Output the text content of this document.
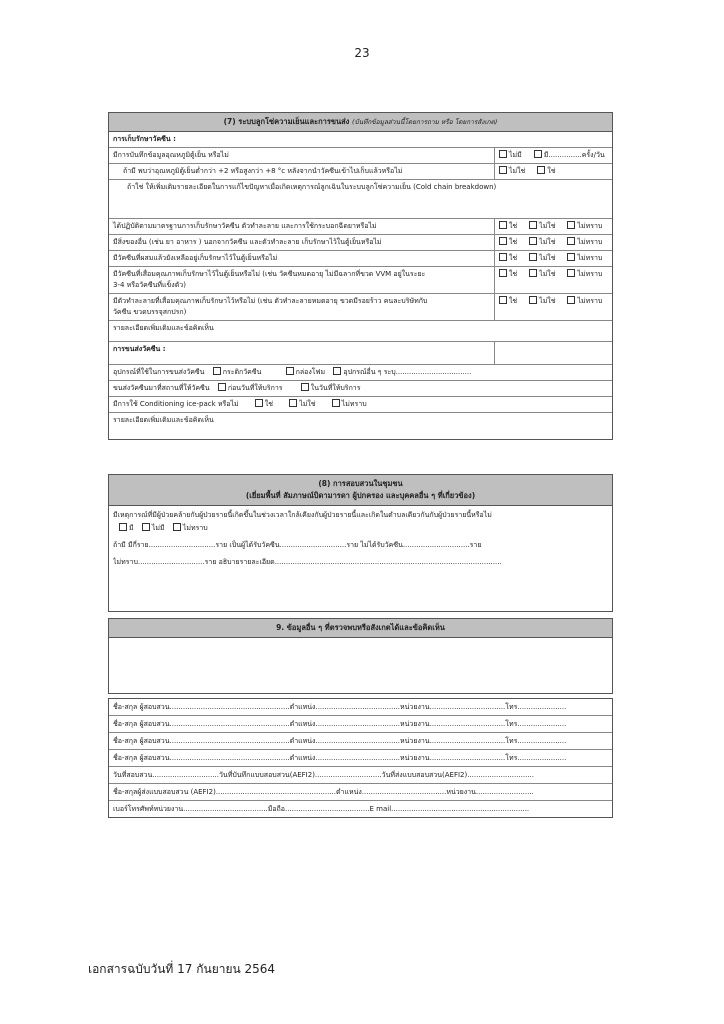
23
(7) ระบบลูกโซ่ความเย็นและการขนส่ง (บันทึกข้อมูลส่วนนี้โดยการถาม หรือ โดยการสังเกต)
การเก็บรักษาวัคซีน :
มีการบันทึกข้อมูลอุณหภูมิตู้เย็น หรือไม่	ไม่มี	มี...............ครั้ง/วัน
ถ้ามี พบว่าอุณหภูมิตู้เย็นต่ำกว่า +2 หรือสูงกว่า +8 °c หลังจากนำวัคซีนเข้าไปเก็บแล้วหรือไม่	ไม่ใช่	ใช่
ถ้าใช่ ให้เพิ่มเติมรายละเอียดในการแก้ไขปัญหาเมื่อเกิดเหตุการณ์ลูกเฉินในระบบลูกโซ่ความเย็น (Cold chain breakdown)
ได้ปฏิบัติตามมาตรฐานการเก็บรักษาวัคซีน ตัวทำละลาย และการใช้กระบอกฉีดยาหรือไม่	ใช่	ไม่ใช่	ไม่ทราบ
มีสิ่งของอื่น (เช่น ยา อาหาร ) นอกจากวัคซีน และตัวทำละลาย เก็บรักษาไว้ในตู้เย็นหรือไม่	ใช่	ไม่ใช่	ไม่ทราบ
มีวัคซีนที่ผสมแล้วยังเหลืออยู่เก็บรักษาไว้ในตู้เย็นหรือไม่	ใช่	ไม่ใช่	ไม่ทราบ
มีวัคซีนที่เสื่อมคุณภาพเก็บรักษาไว้ในตู้เย็นหรือไม่ (เช่น วัคซีนหมดอายุ ไม่มีฉลากที่ขวด VVM อยู่ในระยะ
3-4 หรือวัคซีนที่แข็งตัว)
ใช่	ไม่ใช่	ไม่ทราบ
มีตัวทำละลายที่เสื่อมคุณภาพเก็บรักษาไว้หรือไม่ (เช่น ตัวทำละลายหมดอายุ ขวดมีรอยร้าว คนละบริษัทกับ
วัคซีน ขวดบรรจุสกปรก)
ใช่	ไม่ใช่	ไม่ทราบ
รายละเอียดเพิ่มเติมและข้อคิดเห็น
การขนส่งวัคซีน :
อุปกรณ์ที่ใช้ในการขนส่งวัคซีน	กระติกวัคซีน	กล่องโฟม	อุปกรณ์อื่น ๆ ระบุ..................................
ขนส่งวัคซีนมาที่สถานที่ให้วัคซีน	ก่อนวันที่ให้บริการ	ในวันที่ให้บริการ
มีการใช้ Conditioning ice-pack หรือไม่	ใช่	ไม่ใช่	ไม่ทราบ
รายละเอียดเพิ่มเติมและข้อคิดเห็น
(8) การสอบสวนในชุมชน
(เยี่ยมพื้นที่ สัมภาษณ์บิดามารดา ผู้ปกครอง และบุคคลอื่น ๆ ที่เกี่ยวข้อง)
มีเหตุการณ์ที่มีผู้ป่วยคล้ายกับผู้ป่วยรายนี้เกิดขึ้นในช่วงเวลาใกล้เคียงกับผู้ป่วยรายนี้และเกิดในตำบลเดียวกันกับผู้ป่วยรายนี้หรือไม่
มี	ไม่มี	ไม่ทราบ
ถ้ามี มีกี่ราย..............................ราย เป็นผู้ได้รับวัคซีน..............................ราย ไม่ได้รับวัคซีน..............................ราย
ไม่ทราบ..............................ราย อธิบายรายละเอียด......................................................................................................
9. ข้อมูลอื่น ๆ ที่ตรวจพบหรือสังเกตได้และข้อคิดเห็น
ชื่อ-สกุล ผู้สอบสวน......................................................ตำแหน่ง......................................หน่วยงาน..................................โทร......................
ชื่อ-สกุล ผู้สอบสวน......................................................ตำแหน่ง......................................หน่วยงาน..................................โทร......................
ชื่อ-สกุล ผู้สอบสวน......................................................ตำแหน่ง......................................หน่วยงาน..................................โทร......................
ชื่อ-สกุล ผู้สอบสวน......................................................ตำแหน่ง......................................หน่วยงาน..................................โทร......................
วันที่สอบสวน..............................วันที่บันทึกแบบสอบสวน(AEFI2)..............................วันที่ส่งแบบสอบสวน(AEFI2)..............................
ชื่อ-สกุลผู้ส่งแบบสอบสวน (AEFI2)......................................................ตำแหน่ง......................................หน่วยงาน..........................
เบอร์โทรศัพท์หน่วยงาน......................................มือถือ......................................E mail..............................................................
เอกสารฉบับวันที่ 17 กันยายน 2564
